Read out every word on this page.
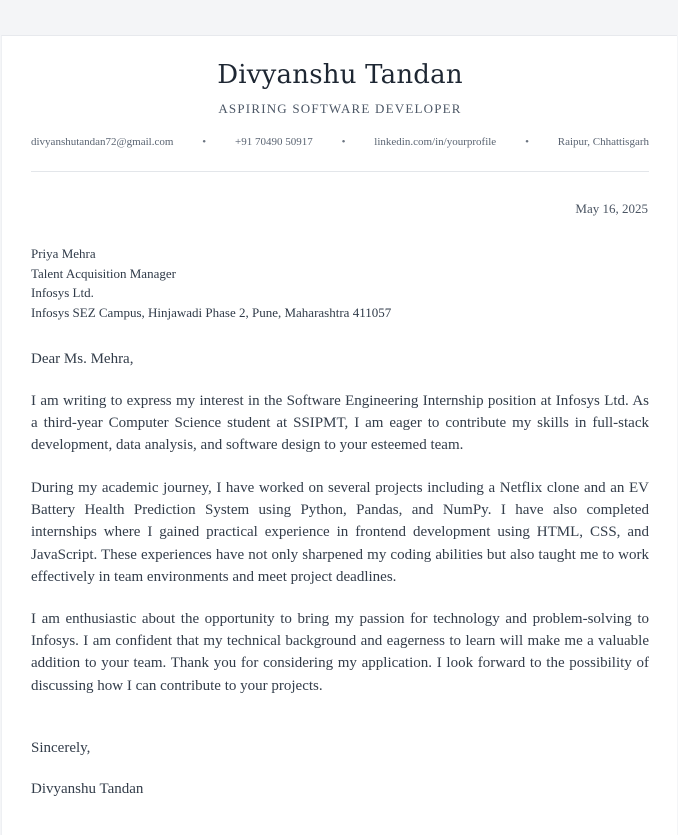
Divyanshu Tandan
ASPIRING SOFTWARE DEVELOPER
divyanshutandan72@gmail.com	•	+91 70490 50917	•	linkedin.com/in/yourprofile	•	Raipur, Chhattisgarh
May 16, 2025
Priya Mehra
Talent Acquisition Manager
Infosys Ltd.
Infosys SEZ Campus, Hinjawadi Phase 2, Pune, Maharashtra 411057

Dear Ms. Mehra,

I am writing to express my interest in the Software Engineering Internship position at Infosys Ltd. As a third-year Computer Science student at SSIPMT, I am eager to contribute my skills in full-stack development, data analysis, and software design to your esteemed team.

During my academic journey, I have worked on several projects including a Netflix clone and an EV Battery Health Prediction System using Python, Pandas, and NumPy. I have also completed internships where I gained practical experience in frontend development using HTML, CSS, and JavaScript. These experiences have not only sharpened my coding abilities but also taught me to work effectively in team environments and meet project deadlines.

I am enthusiastic about the opportunity to bring my passion for technology and problem-solving to Infosys. I am confident that my technical background and eagerness to learn will make me a valuable addition to your team. Thank you for considering my application. I look forward to the possibility of discussing how I can contribute to your projects.

Sincerely,

Divyanshu Tandan
